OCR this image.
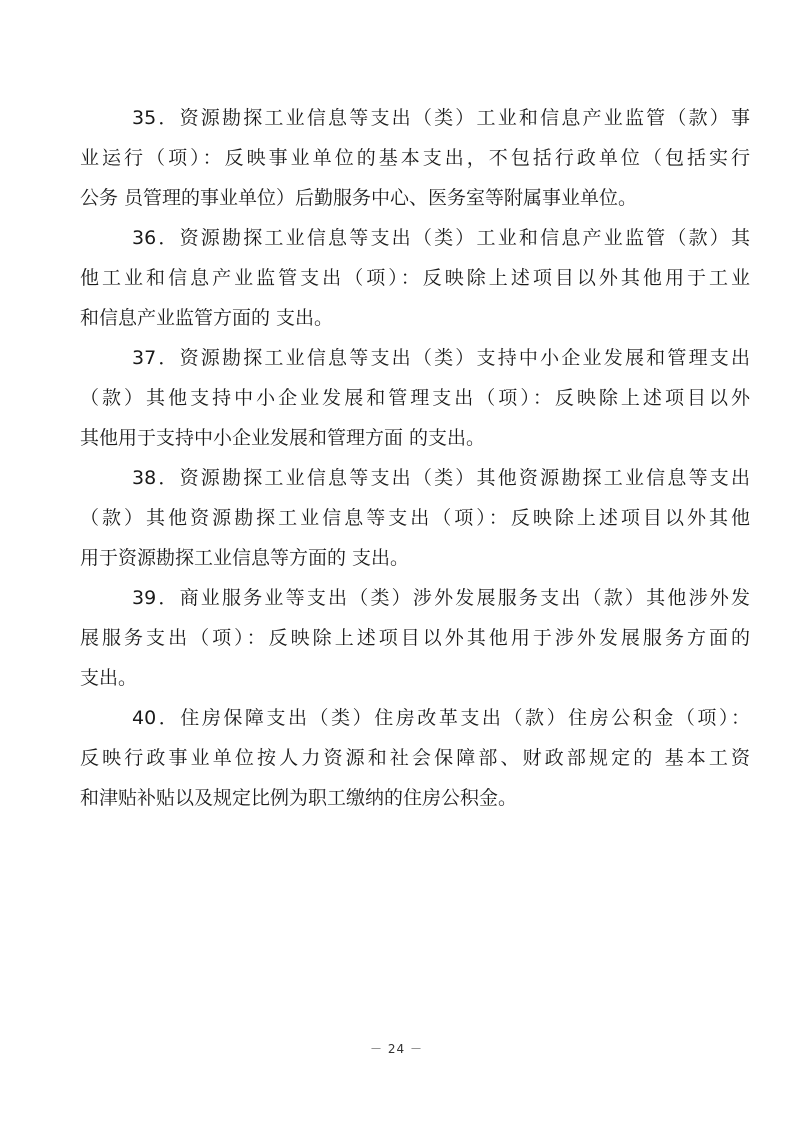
35．资源勘探工业信息等支出（类）工业和信息产业监管（款）事
业运行（项）：反映事业单位的基本支出，不包括行政单位（包括实行
公务 员管理的事业单位）后勤服务中心、医务室等附属事业单位。
36．资源勘探工业信息等支出（类）工业和信息产业监管（款）其
他工业和信息产业监管支出（项）：反映除上述项目以外其他用于工业
和信息产业监管方面的 支出。
37．资源勘探工业信息等支出（类）支持中小企业发展和管理支出
（款）其他支持中小企业发展和管理支出（项）：反映除上述项目以外
其他用于支持中小企业发展和管理方面 的支出。
38．资源勘探工业信息等支出（类）其他资源勘探工业信息等支出
（款）其他资源勘探工业信息等支出（项）：反映除上述项目以外其他
用于资源勘探工业信息等方面的 支出。
39．商业服务业等支出（类）涉外发展服务支出（款）其他涉外发
展服务支出（项）：反映除上述项目以外其他用于涉外发展服务方面的
支出。
40．住房保障支出（类）住房改革支出（款）住房公积金（项）：
反映行政事业单位按人力资源和社会保障部、财政部规定的 基本工资
和津贴补贴以及规定比例为职工缴纳的住房公积金。
－ 24 －
